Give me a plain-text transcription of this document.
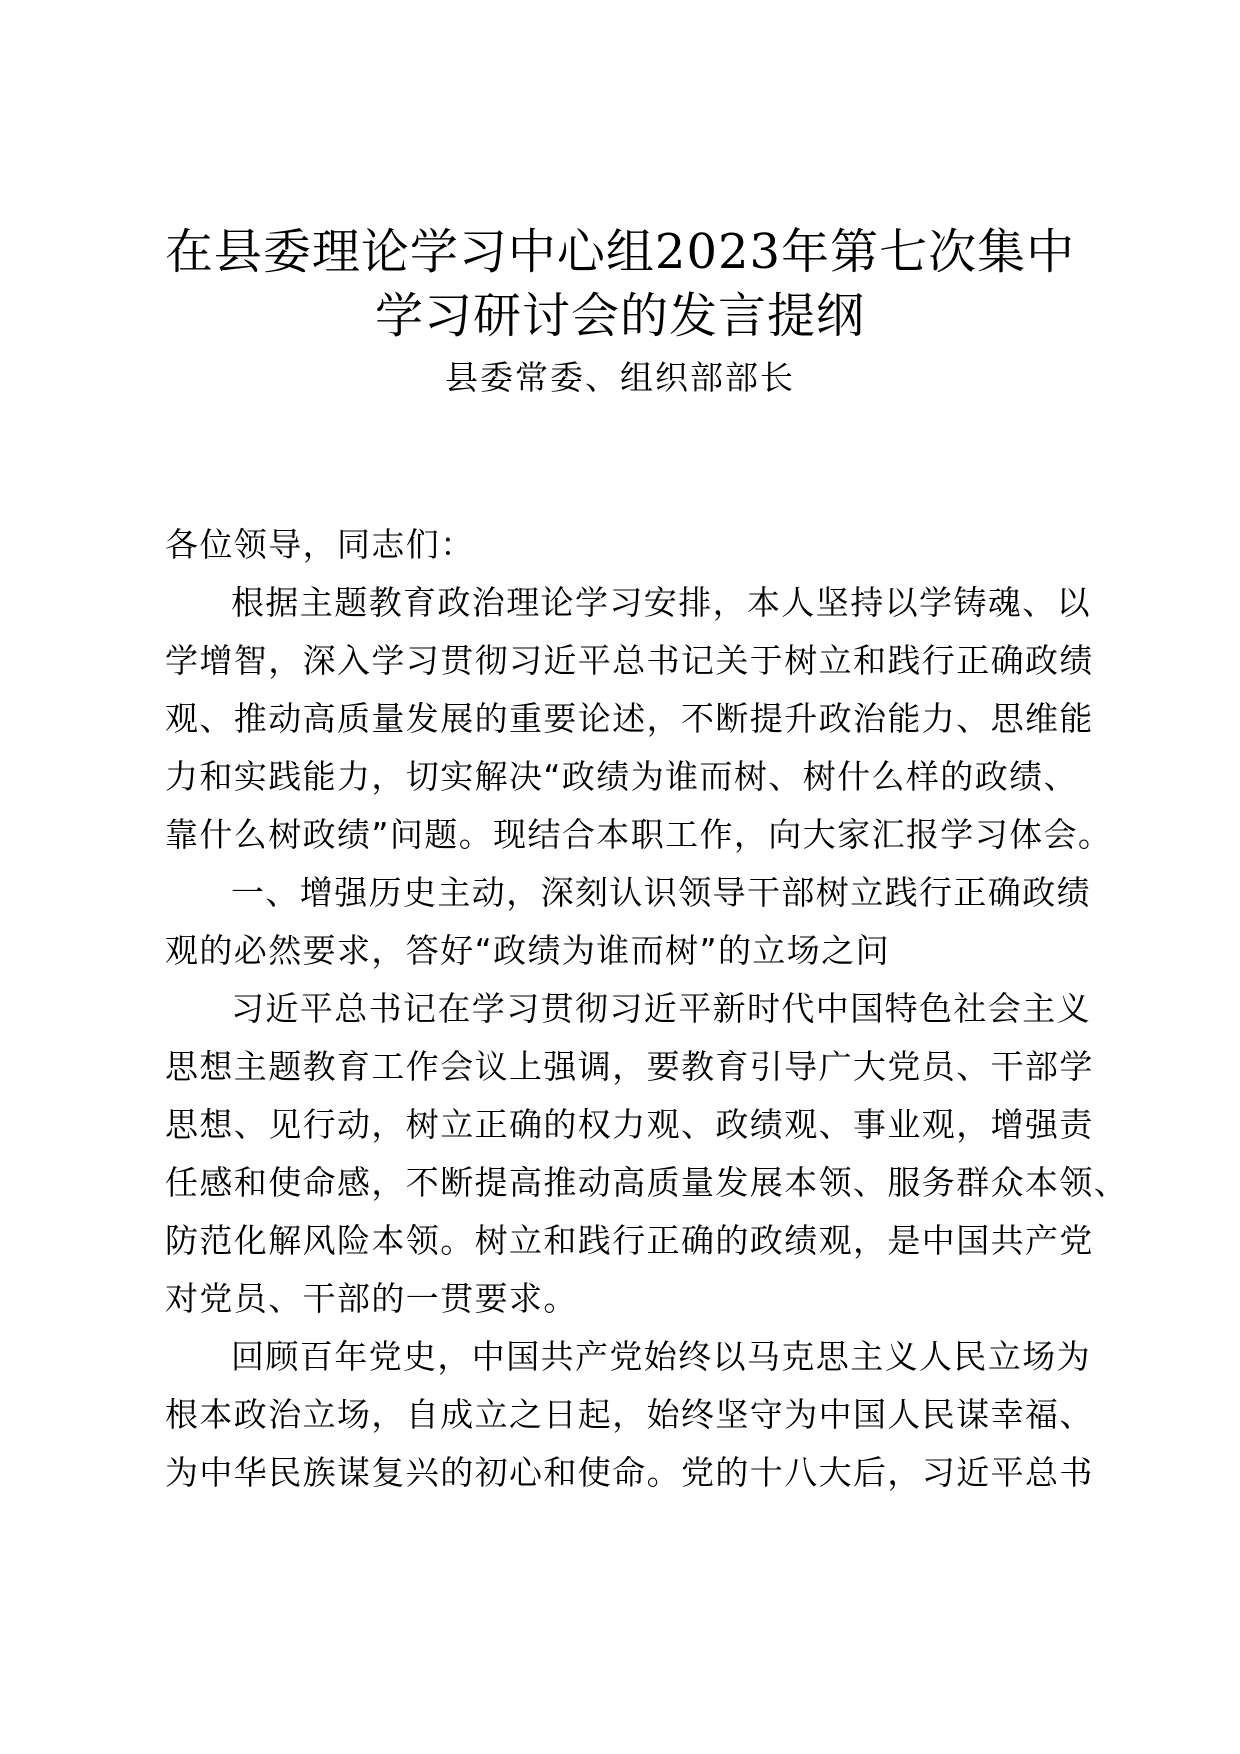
在县委理论学习中心组2023年第七次集中
学习研讨会的发言提纲
县委常委、组织部部长
各位领导，同志们：
根据主题教育政治理论学习安排，本人坚持以学铸魂、以
学增智，深入学习贯彻习近平总书记关于树立和践行正确政绩
观、推动高质量发展的重要论述，不断提升政治能力、思维能
力和实践能力，切实解决“政绩为谁而树、树什么样的政绩、
靠什么树政绩”问题。现结合本职工作，向大家汇报学习体会。
一、增强历史主动，深刻认识领导干部树立践行正确政绩
观的必然要求，答好“政绩为谁而树”的立场之问
习近平总书记在学习贯彻习近平新时代中国特色社会主义
思想主题教育工作会议上强调，要教育引导广大党员、干部学
思想、见行动，树立正确的权力观、政绩观、事业观，增强责
任感和使命感，不断提高推动高质量发展本领、服务群众本领、
防范化解风险本领。树立和践行正确的政绩观，是中国共产党
对党员、干部的一贯要求。
回顾百年党史，中国共产党始终以马克思主义人民立场为
根本政治立场，自成立之日起，始终坚守为中国人民谋幸福、
为中华民族谋复兴的初心和使命。党的十八大后，习近平总书
